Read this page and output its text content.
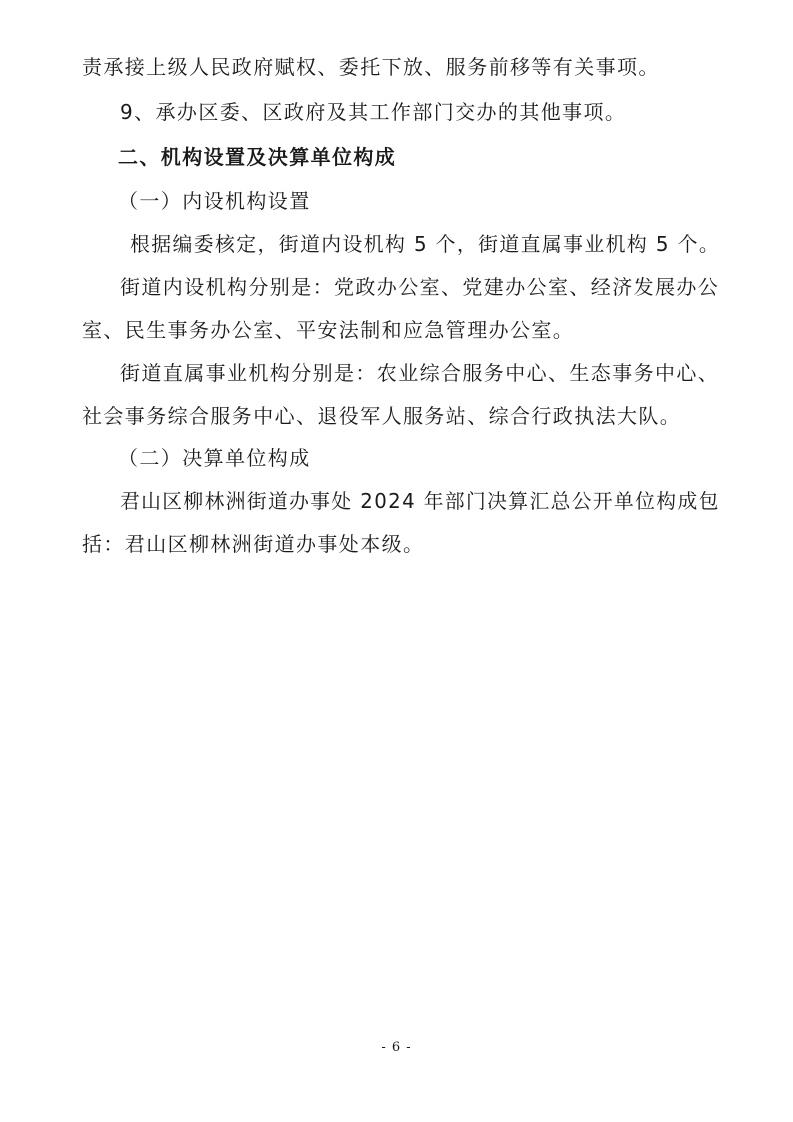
责承接上级人民政府赋权、委托下放、服务前移等有关事项。
9、承办区委、区政府及其工作部门交办的其他事项。
二、机构设置及决算单位构成
（一）内设机构设置
根据编委核定，街道内设机构 5 个，街道直属事业机构 5 个。
街道内设机构分别是：党政办公室、党建办公室、经济发展办公
室、民生事务办公室、平安法制和应急管理办公室。
街道直属事业机构分别是：农业综合服务中心、生态事务中心、
社会事务综合服务中心、退役军人服务站、综合行政执法大队。
（二）决算单位构成
君山区柳林洲街道办事处 2024 年部门决算汇总公开单位构成包
括：君山区柳林洲街道办事处本级。
- 6 -
